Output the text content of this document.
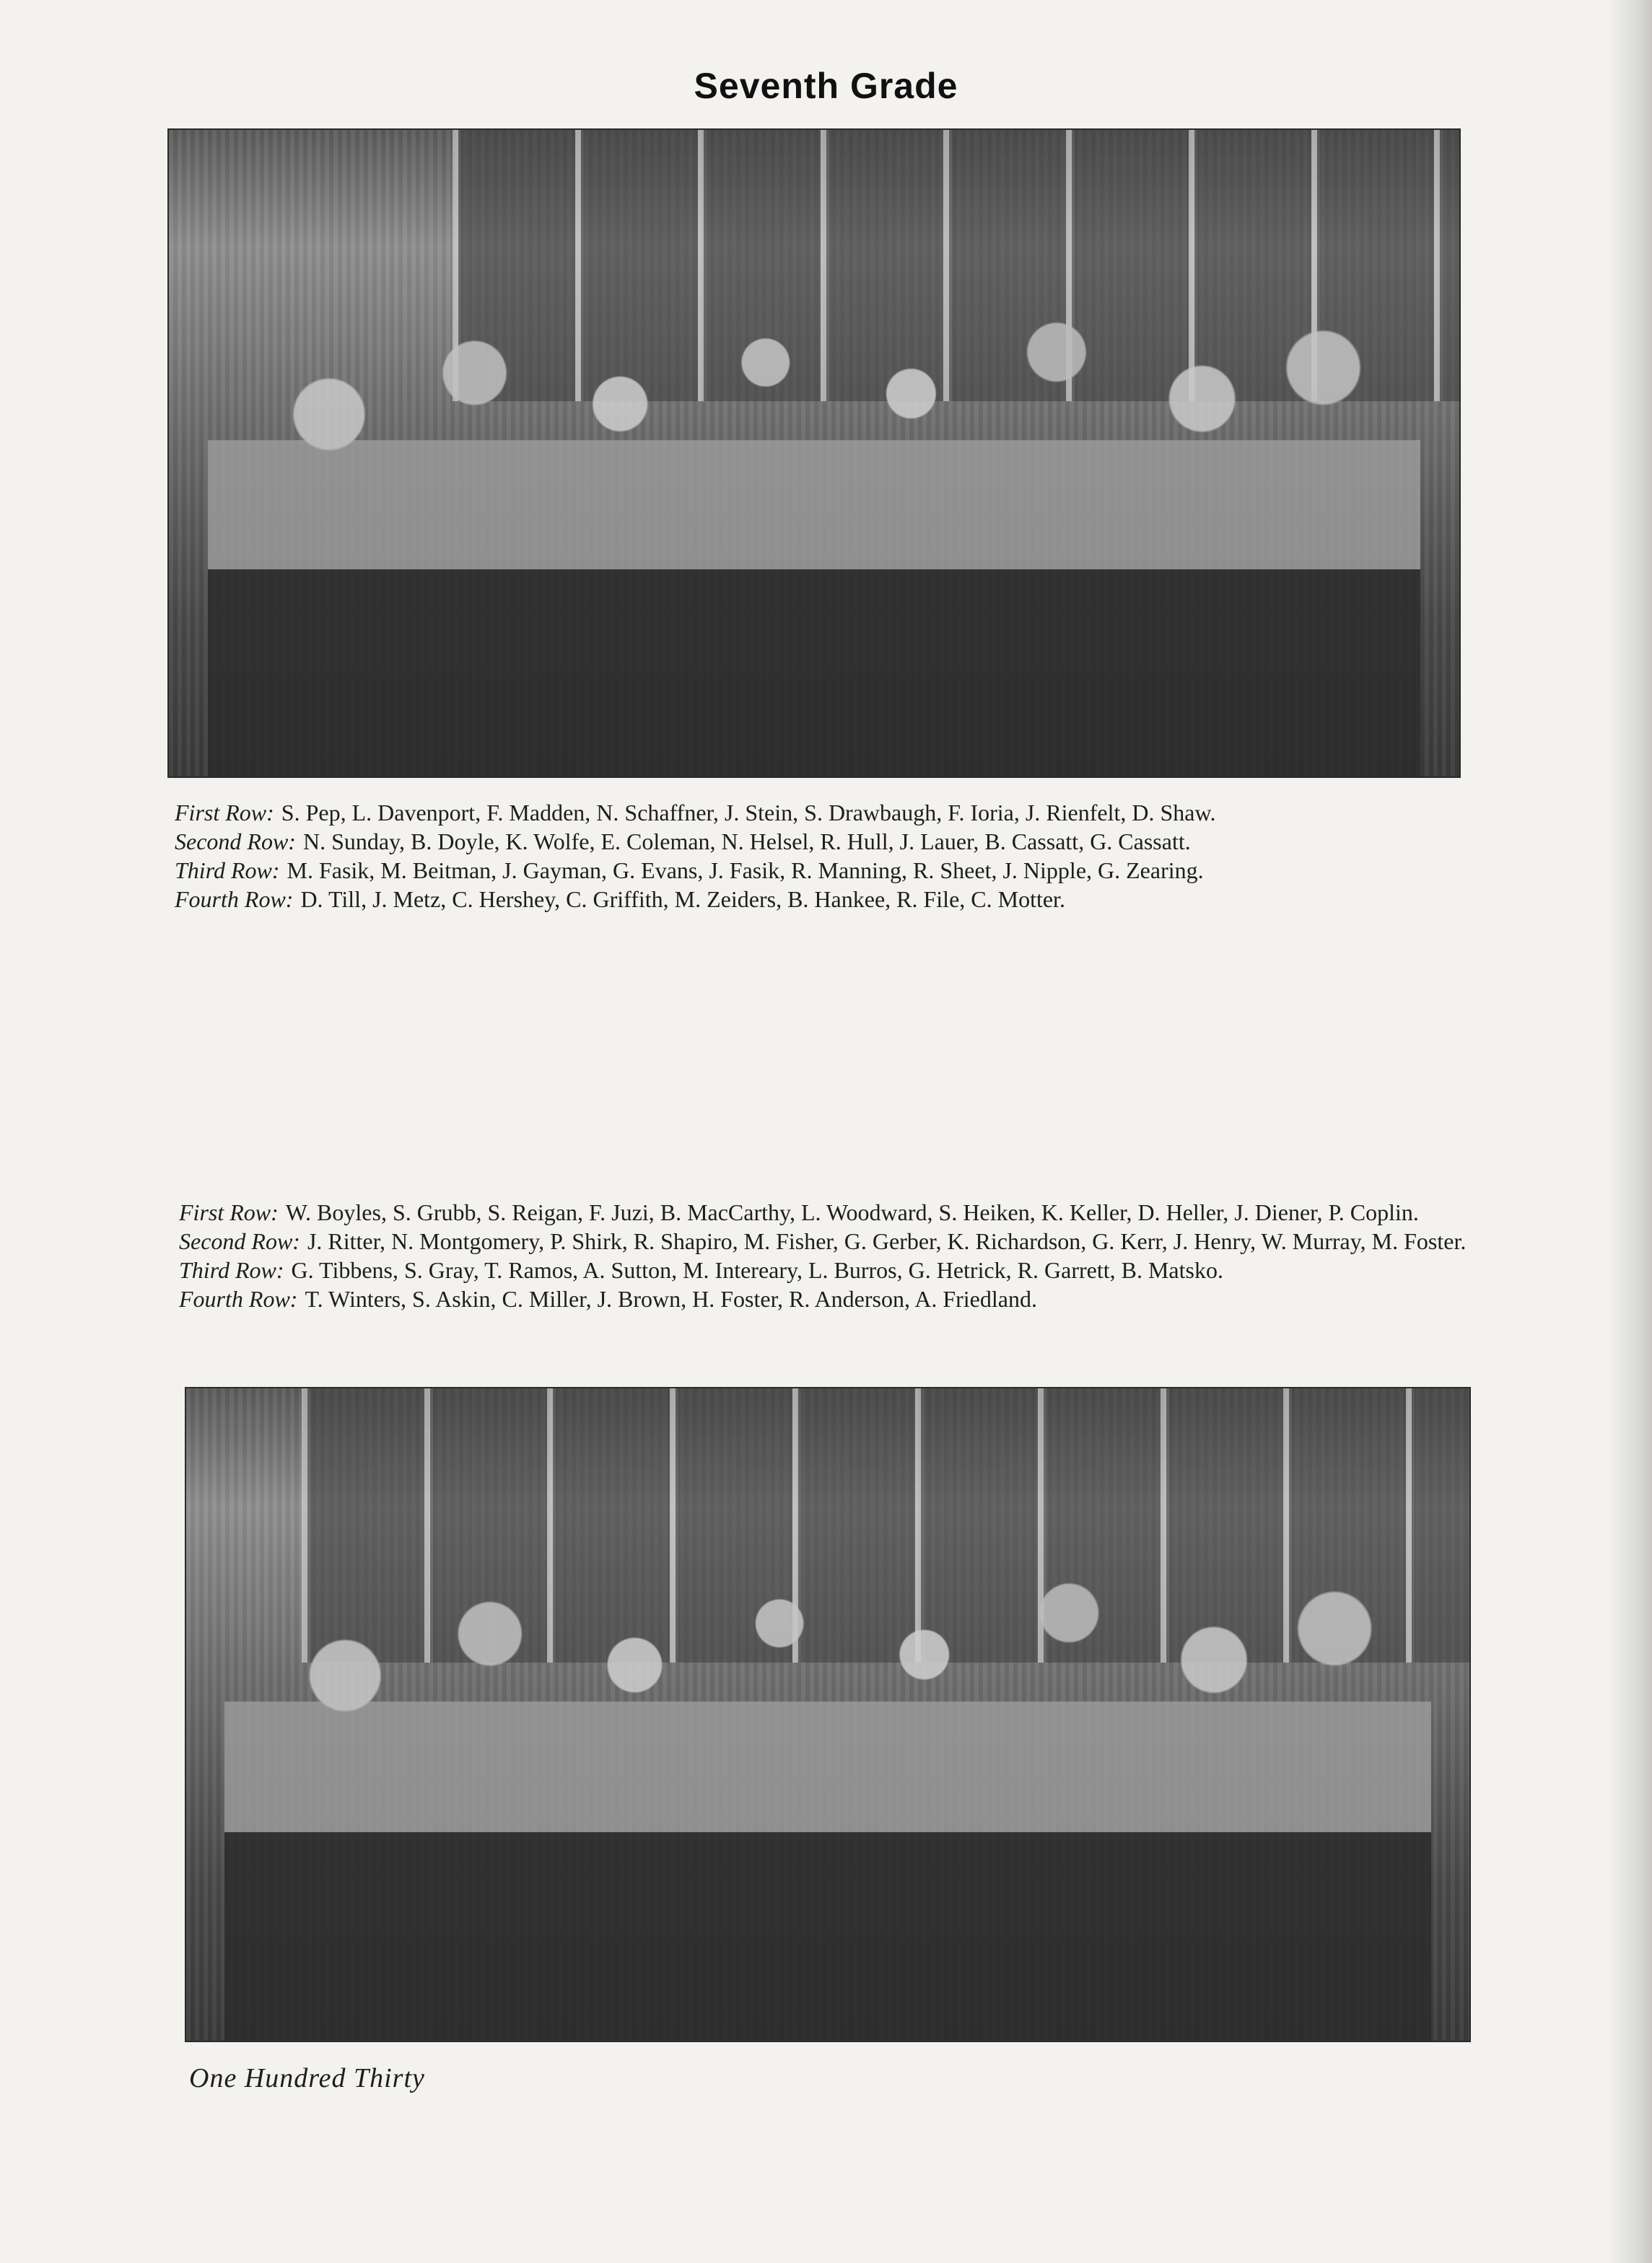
Seventh Grade

First Row: S. Pep, L. Davenport, F. Madden, N. Schaffner, J. Stein, S. Drawbaugh, F. Ioria, J. Rienfelt, D. Shaw.

Second Row: N. Sunday, B. Doyle, K. Wolfe, E. Coleman, N. Helsel, R. Hull, J. Lauer, B. Cassatt, G. Cassatt.

Third Row: M. Fasik, M. Beitman, J. Gayman, G. Evans, J. Fasik, R. Manning, R. Sheet, J. Nipple, G. Zearing.

Fourth Row: D. Till, J. Metz, C. Hershey, C. Griffith, M. Zeiders, B. Hankee, R. File, C. Motter.

First Row: W. Boyles, S. Grubb, S. Reigan, F. Juzi, B. MacCarthy, L. Woodward, S. Heiken, K. Keller, D. Heller, J. Diener, P. Coplin.

Second Row: J. Ritter, N. Montgomery, P. Shirk, R. Shapiro, M. Fisher, G. Gerber, K. Richardson, G. Kerr, J. Henry, W. Murray, M. Foster.

Third Row: G. Tibbens, S. Gray, T. Ramos, A. Sutton, M. Intereary, L. Burros, G. Hetrick, R. Garrett, B. Matsko.

Fourth Row: T. Winters, S. Askin, C. Miller, J. Brown, H. Foster, R. Anderson, A. Friedland.

One Hundred Thirty
